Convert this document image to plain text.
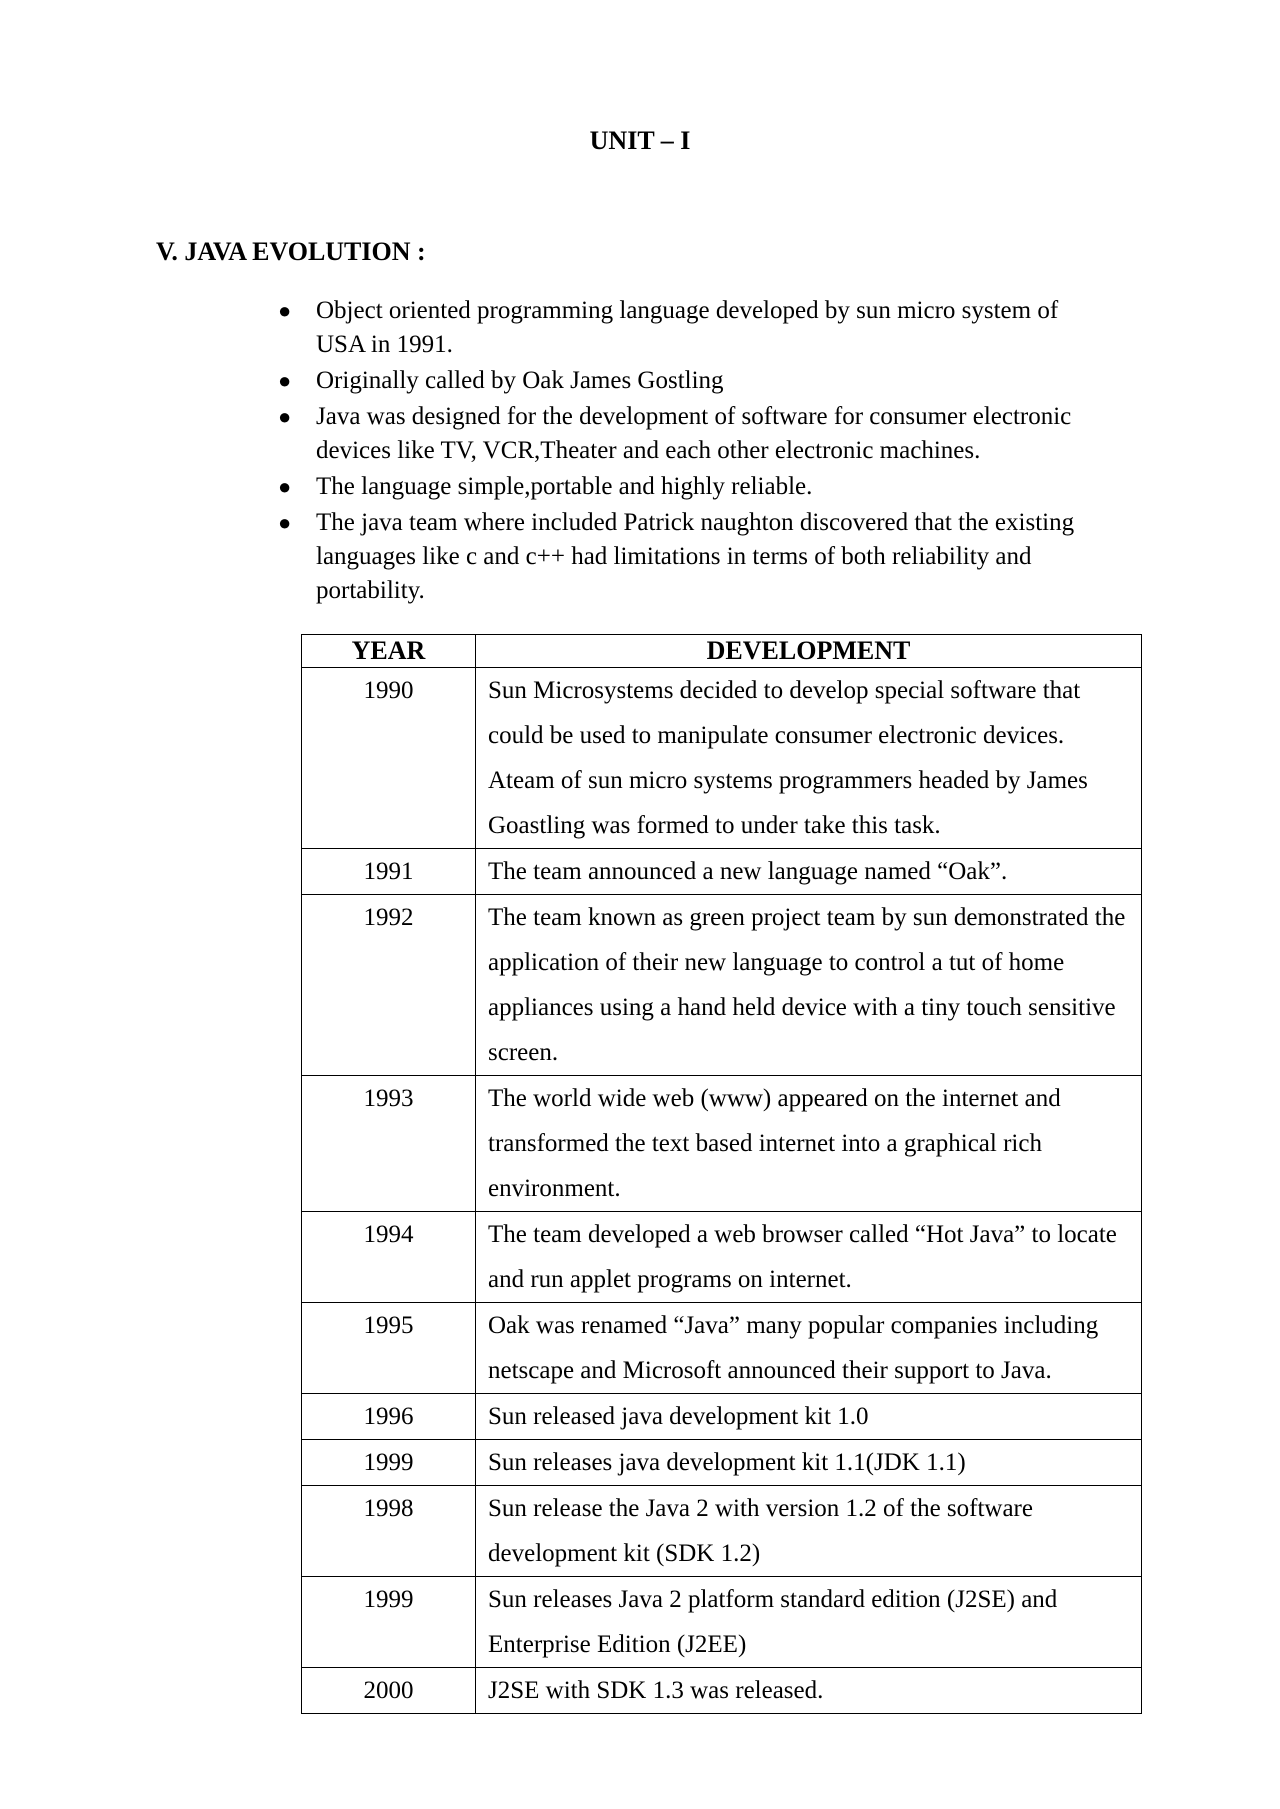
UNIT – I
V. JAVA EVOLUTION :
● Object oriented programming language developed by sun micro system of USA in 1991.
● Originally called by Oak James Gostling
● Java was designed for the development of software for consumer electronic devices like TV, VCR,Theater and each other electronic machines.
● The language simple,portable and highly reliable.
● The java team where included Patrick naughton discovered that the existing languages like c and c++ had limitations in terms of both reliability and portability.
YEAR	DEVELOPMENT
1990	Sun Microsystems decided to develop special software that could be used to manipulate consumer electronic devices. Ateam of sun micro systems programmers headed by James Goastling was formed to under take this task.
1991	The team announced a new language named “Oak”.
1992	The team known as green project team by sun demonstrated the application of their new language to control a tut of home appliances using a hand held device with a tiny touch sensitive screen.
1993	The world wide web (www) appeared on the internet and transformed the text based internet into a graphical rich environment.
1994	The team developed a web browser called “Hot Java” to locate and run applet programs on internet.
1995	Oak was renamed “Java” many popular companies including netscape and Microsoft announced their support to Java.
1996	Sun released java development kit 1.0
1999	Sun releases java development kit 1.1(JDK 1.1)
1998	Sun release the Java 2 with version 1.2 of the software development kit (SDK 1.2)
1999	Sun releases Java 2 platform standard edition (J2SE) and Enterprise Edition (J2EE)
2000	J2SE with SDK 1.3 was released.
